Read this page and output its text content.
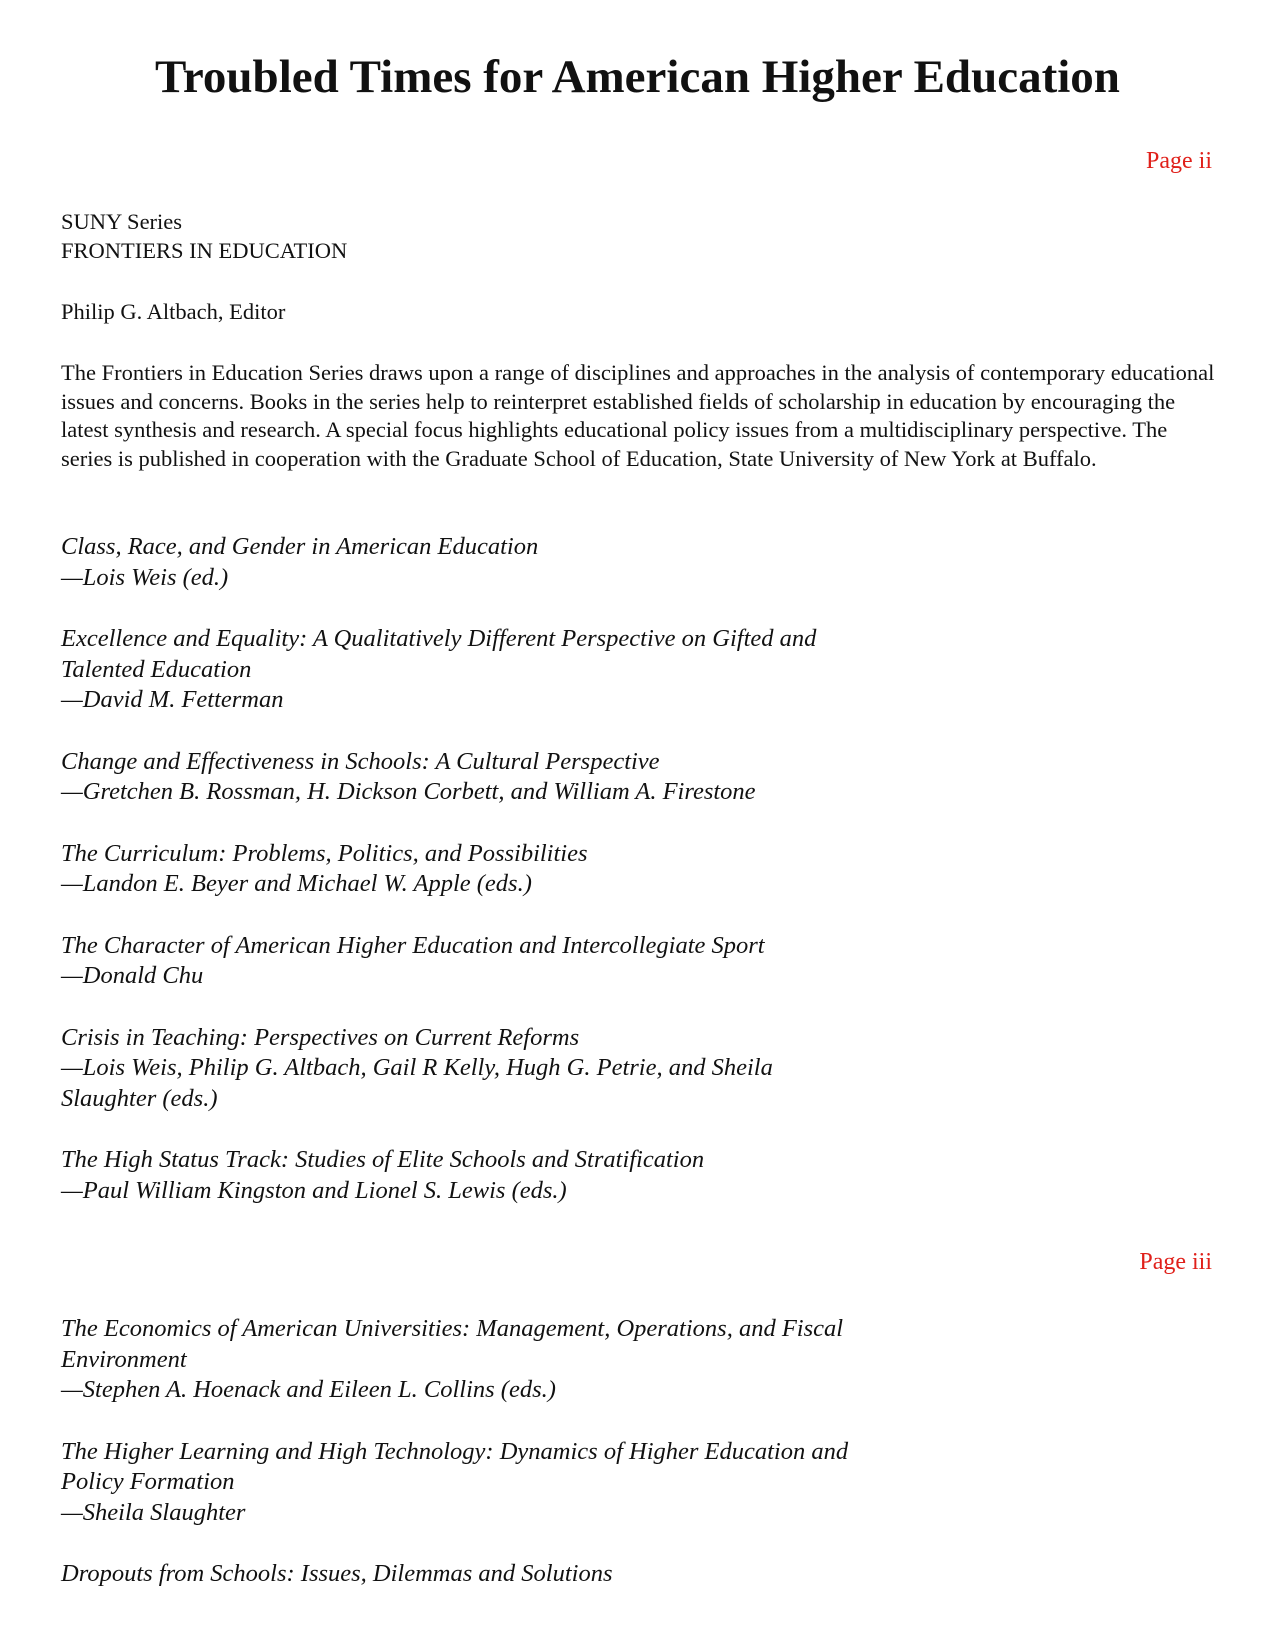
Troubled Times for American Higher Education
Page ii
SUNY Series
FRONTIERS IN EDUCATION
Philip G. Altbach, Editor
The Frontiers in Education Series draws upon a range of disciplines and approaches in the analysis of contemporary educational issues and concerns. Books in the series help to reinterpret established fields of scholarship in education by encouraging the latest synthesis and research. A special focus highlights educational policy issues from a multidisciplinary perspective. The series is published in cooperation with the Graduate School of Education, State University of New York at Buffalo.
Class, Race, and Gender in American Education
—Lois Weis (ed.)
Excellence and Equality: A Qualitatively Different Perspective on Gifted and Talented Education
—David M. Fetterman
Change and Effectiveness in Schools: A Cultural Perspective
—Gretchen B. Rossman, H. Dickson Corbett, and William A. Firestone
The Curriculum: Problems, Politics, and Possibilities
—Landon E. Beyer and Michael W. Apple (eds.)
The Character of American Higher Education and Intercollegiate Sport
—Donald Chu
Crisis in Teaching: Perspectives on Current Reforms
—Lois Weis, Philip G. Altbach, Gail R Kelly, Hugh G. Petrie, and Sheila Slaughter (eds.)
The High Status Track: Studies of Elite Schools and Stratification
—Paul William Kingston and Lionel S. Lewis (eds.)
Page iii
The Economics of American Universities: Management, Operations, and Fiscal Environment
—Stephen A. Hoenack and Eileen L. Collins (eds.)
The Higher Learning and High Technology: Dynamics of Higher Education and Policy Formation
—Sheila Slaughter
Dropouts from Schools: Issues, Dilemmas and Solutions
